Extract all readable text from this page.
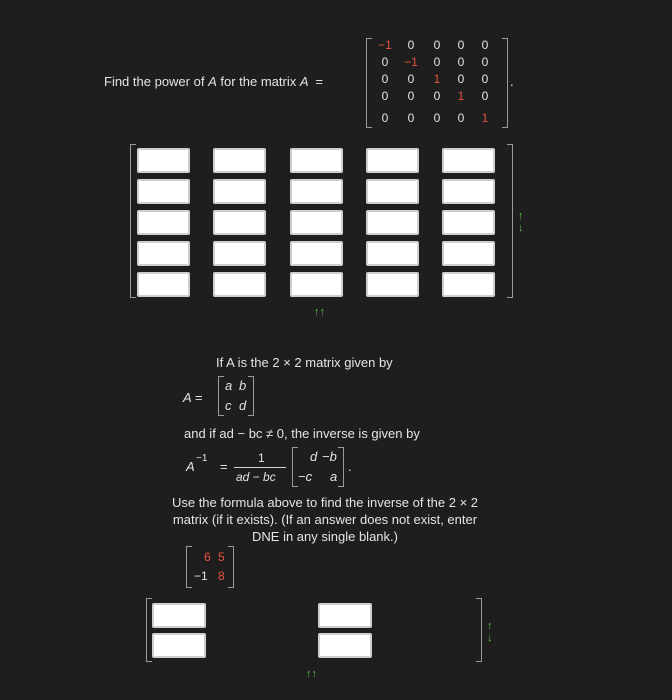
Find the power of A for the matrix A  =
−1	0	0	0	0
0	−1	0	0	0
0	0	1	0	0
0	0	0	1	0
0	0	0	0	1
.
↑
↓
↑↑
If A is the 2 × 2 matrix given by
A =
a b
c d
and if ad − bc ≠ 0, the inverse is given by
A
−1
=
1
ad − bc
d −b
−c a
.
Use the formula above to find the inverse of the 2 × 2
matrix (if it exists). (If an answer does not exist, enter
DNE in any single blank.)
6 5
−1 8
↑
↓
↑↑
